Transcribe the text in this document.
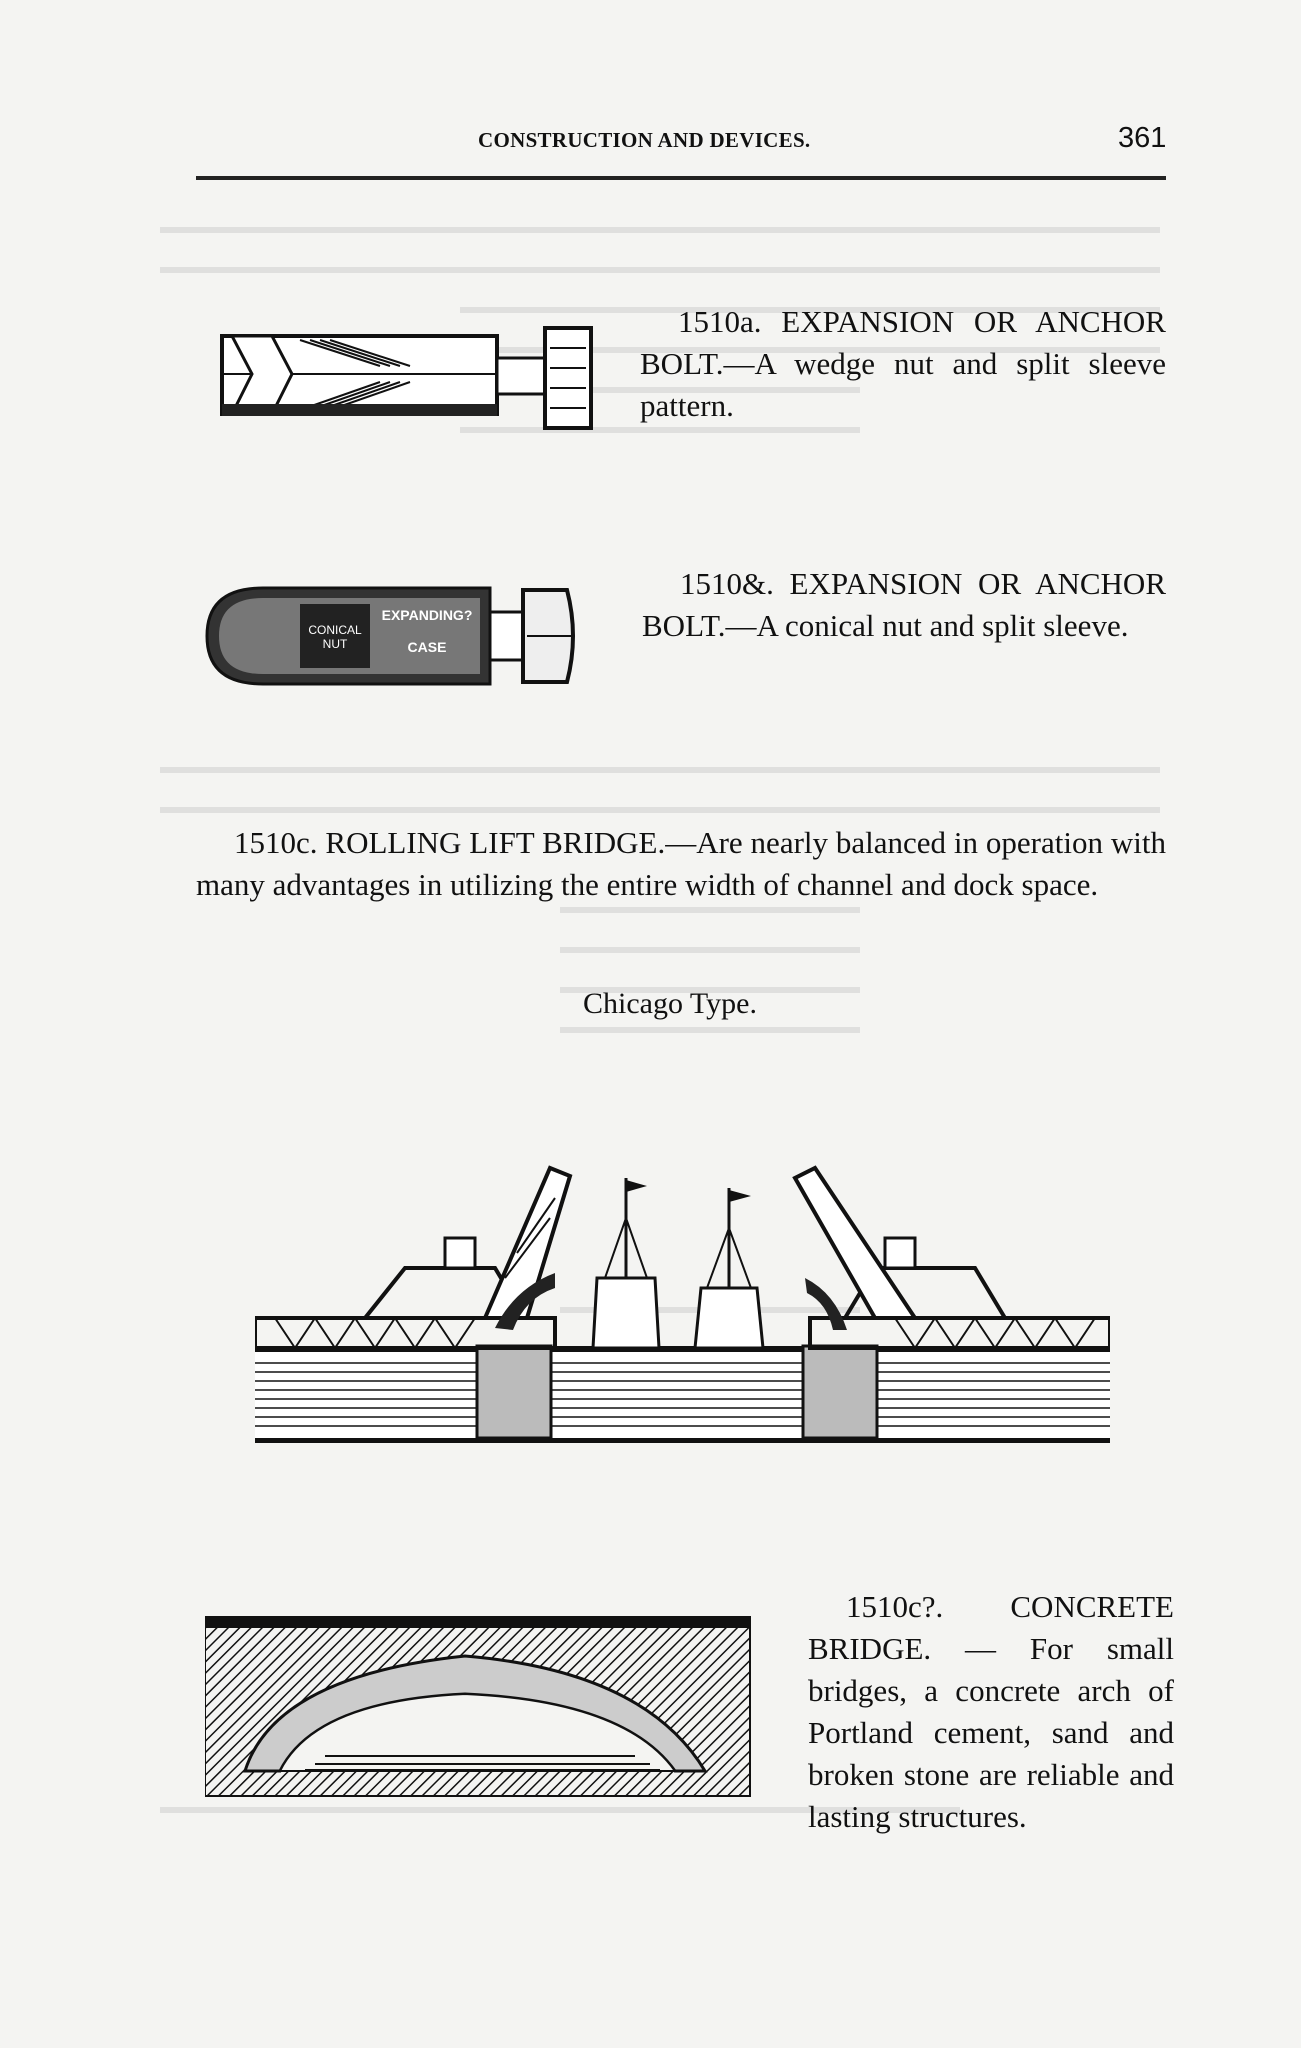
CONSTRUCTION AND DEVICES.	361
1510a. EXPANSION OR ANCHOR BOLT.—A wedge nut and split sleeve pattern.
CONICAL
NUT
EXPANDING?
CASE
1510&. EXPANSION OR ANCHOR BOLT.—A conical nut and split sleeve.
1510c. ROLLING LIFT BRIDGE.—Are nearly balanced in operation with many advantages in utilizing the entire width of channel and dock space.
Chicago Type.
1510c?. CONCRETE BRIDGE. — For small bridges, a concrete arch of Portland cement, sand and broken stone are reliable and lasting structures.
